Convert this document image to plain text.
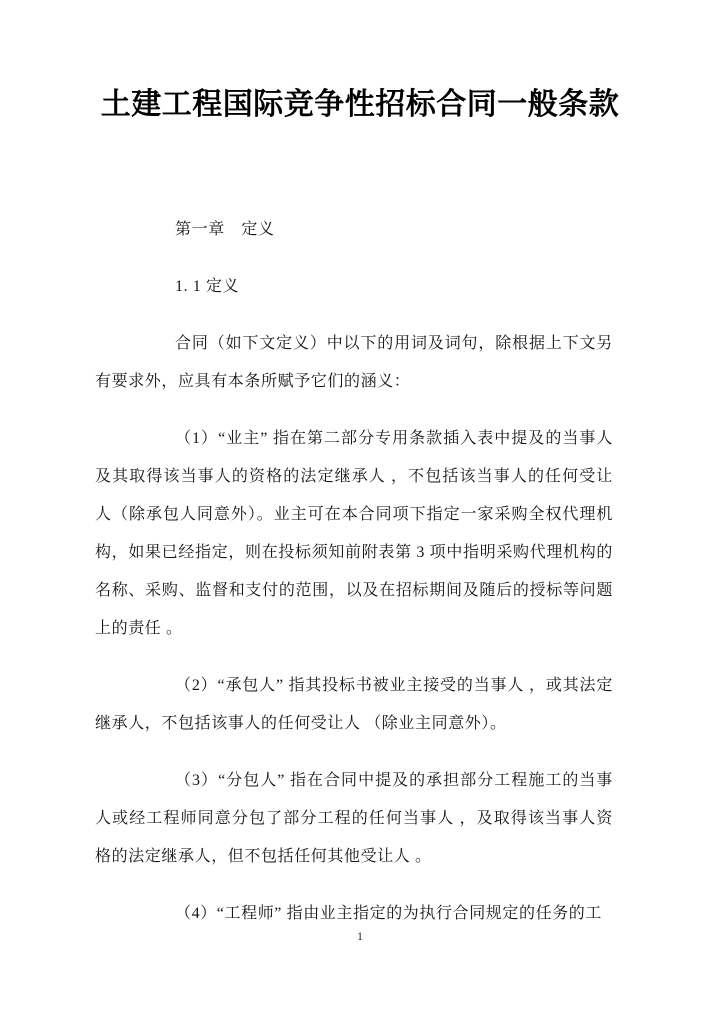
土建工程国际竞争性招标合同一般条款

第一章　定义

1. 1 定义

合同（如下文定义）中以下的用词及词句，除根据上下文另有要求外，应具有本条所赋予它们的涵义：

（1）“业主” 指在第二部分专用条款插入表中提及的当事人及其取得该当事人的资格的法定继承人 ，不包括该当事人的任何受让人（除承包人同意外）。业主可在本合同项下指定一家采购全权代理机构，如果已经指定，则在投标须知前附表第 3 项中指明采购代理机构的名称、采购、监督和支付的范围，以及在招标期间及随后的授标等问题上的责任 。

（2）“承包人” 指其投标书被业主接受的当事人 ，或其法定继承人，不包括该事人的任何受让人 （除业主同意外）。

（3）“分包人” 指在合同中提及的承担部分工程施工的当事人或经工程师同意分包了部分工程的任何当事人 ，及取得该当事人资格的法定继承人，但不包括任何其他受让人 。

（4）“工程师” 指由业主指定的为执行合同规定的任务的工

1
